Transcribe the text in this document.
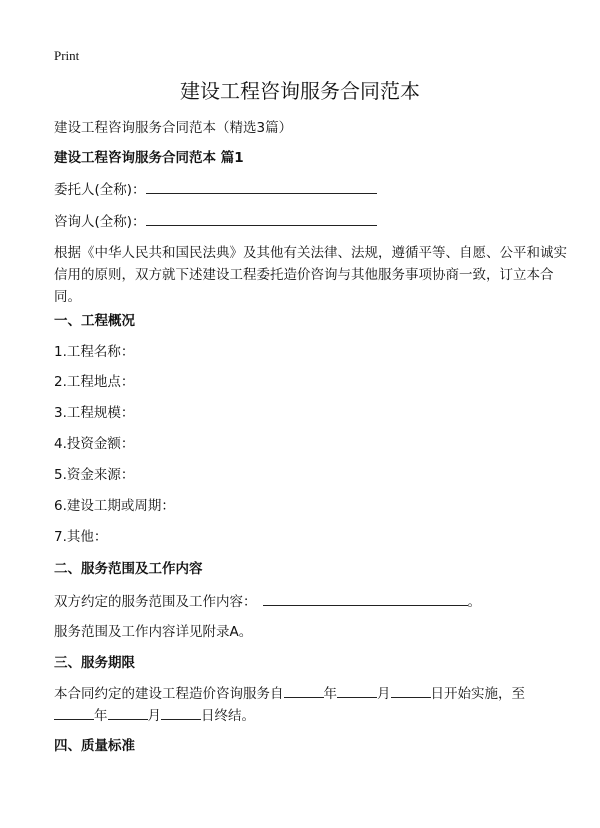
Print
建设工程咨询服务合同范本
建设工程咨询服务合同范本（精选3篇）
建设工程咨询服务合同范本 篇1
委托人(全称)：
咨询人(全称)：
根据《中华人民共和国民法典》及其他有关法律、法规，遵循平等、自愿、公平和诚实信用的原则，双方就下述建设工程委托造价咨询与其他服务事项协商一致，订立本合同。
一、工程概况
1.工程名称：
2.工程地点：
3.工程规模：
4.投资金额：
5.资金来源：
6.建设工期或周期：
7.其他：
二、服务范围及工作内容
双方约定的服务范围及工作内容：	。
服务范围及工作内容详见附录A。
三、服务期限
本合同约定的建设工程造价咨询服务自	年	月	日开始实施，至
年	月	日终结。
四、质量标准
